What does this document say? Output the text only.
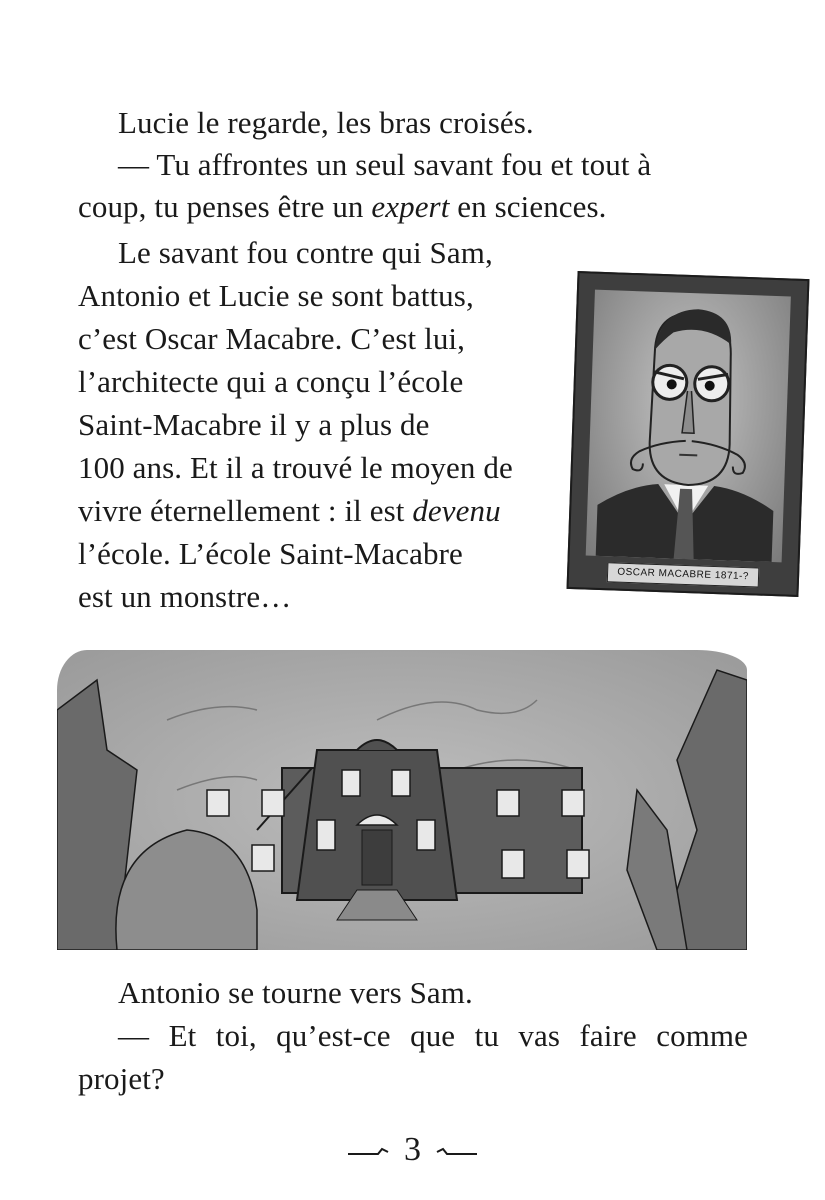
Lucie le regarde, les bras croisés.
— Tu affrontes un seul savant fou et tout à
coup, tu penses être un expert en sciences.
Le savant fou contre qui Sam,
Antonio et Lucie se sont battus,
c’est Oscar Macabre. C’est lui,
l’architecte qui a conçu l’école
Saint-Macabre il y a plus de
100 ans. Et il a trouvé le moyen de
vivre éternellement : il est devenu
l’école. L’école Saint-Macabre
est un monstre…
OSCAR MACABRE 1871-?
Antonio se tourne vers Sam.
— Et toi, qu’est-ce que tu vas faire comme
projet?
3
